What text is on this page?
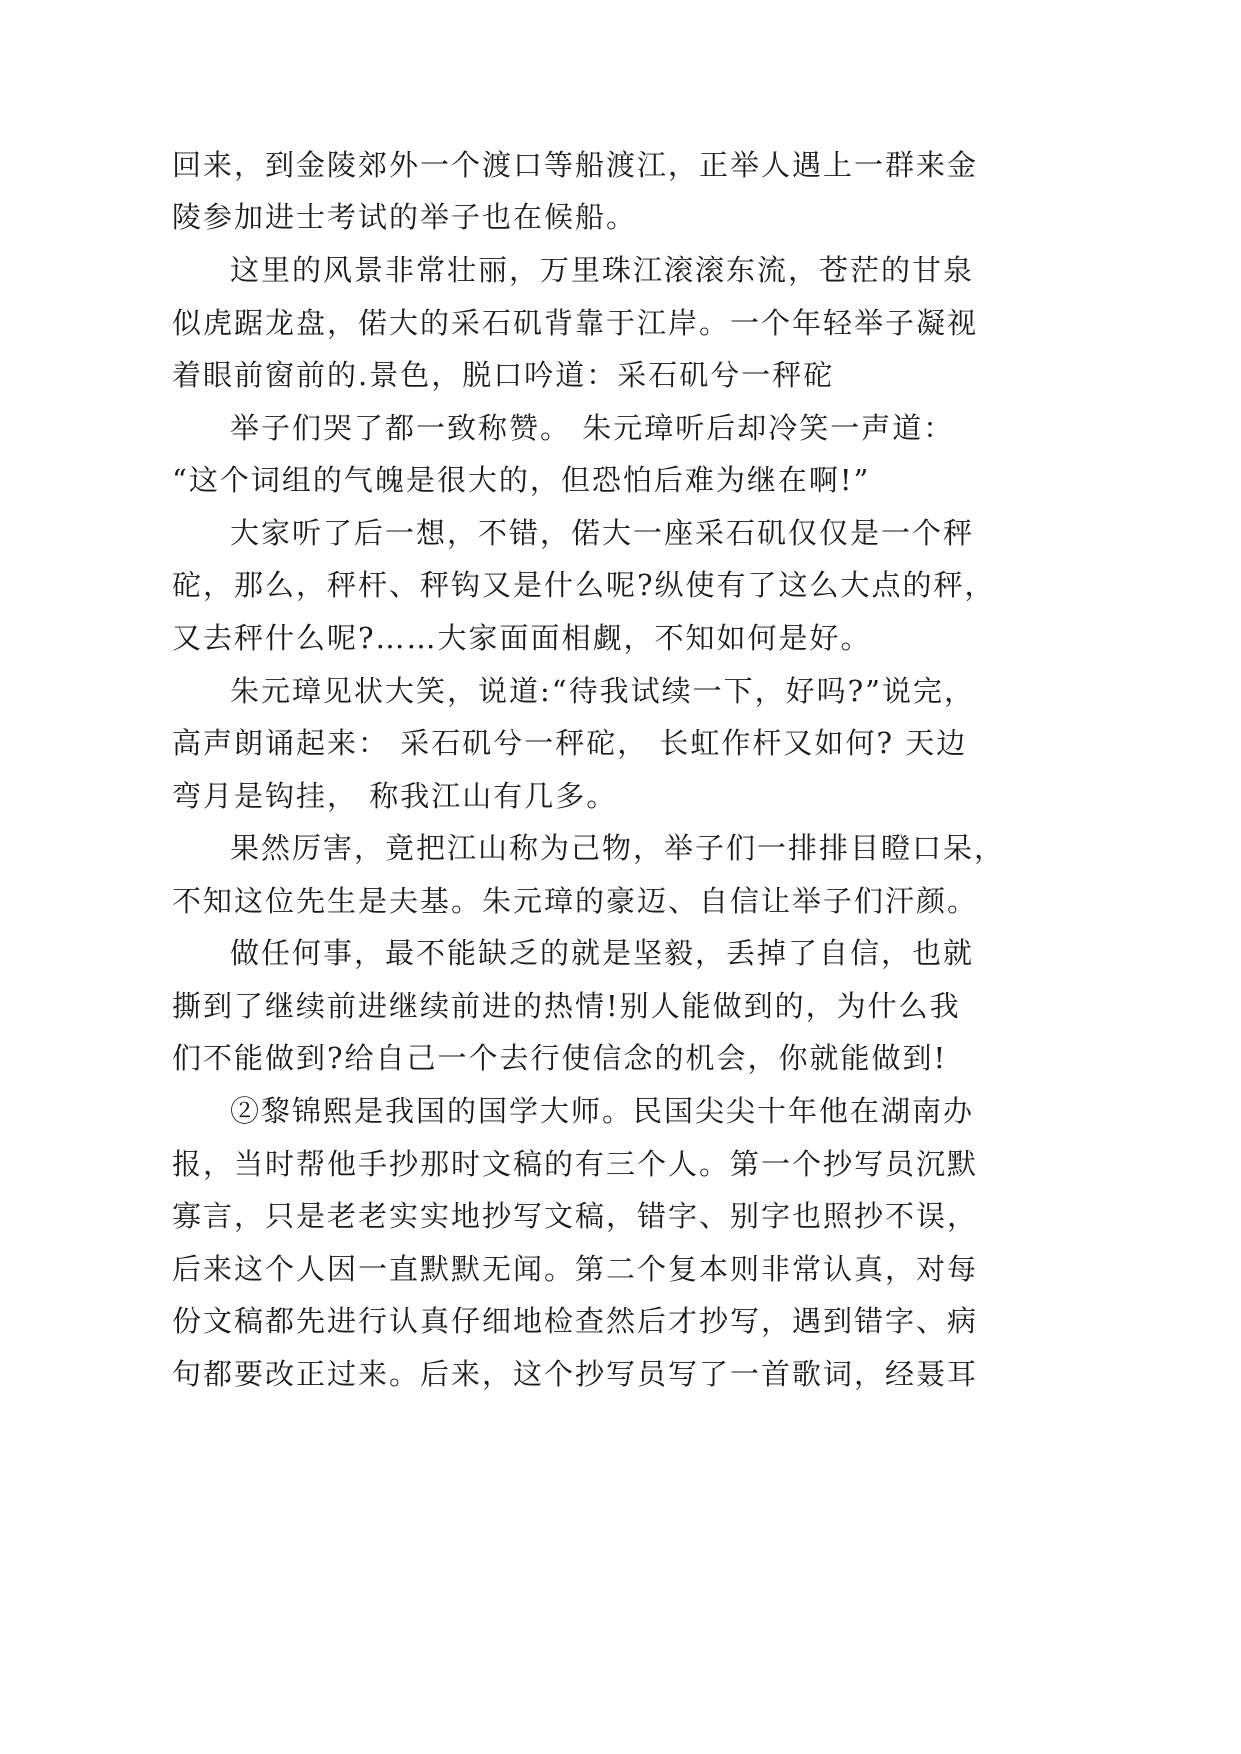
回来，到金陵郊外一个渡口等船渡江，正举人遇上一群来金
陵参加进士考试的举子也在候船。
这里的风景非常壮丽，万里珠江滚滚东流，苍茫的甘泉
似虎踞龙盘，偌大的采石矶背靠于江岸。一个年轻举子凝视
着眼前窗前的.景色，脱口吟道：采石矶兮一秤砣
举子们哭了都一致称赞。 朱元璋听后却冷笑一声道：
“这个词组的气魄是很大的，但恐怕后难为继在啊!”
大家听了后一想，不错，偌大一座采石矶仅仅是一个秤
砣，那么，秤杆、秤钩又是什么呢?纵使有了这么大点的秤，
又去秤什么呢?……大家面面相觑，不知如何是好。
朱元璋见状大笑，说道:“待我试续一下，好吗?”说完，
高声朗诵起来： 采石矶兮一秤砣， 长虹作杆又如何? 天边
弯月是钩挂， 称我江山有几多。
果然厉害，竟把江山称为己物，举子们一排排目瞪口呆，
不知这位先生是夫基。朱元璋的豪迈、自信让举子们汗颜。
做任何事，最不能缺乏的就是坚毅，丢掉了自信，也就
撕到了继续前进继续前进的热情!别人能做到的，为什么我
们不能做到?给自己一个去行使信念的机会，你就能做到!
②黎锦熙是我国的国学大师。民国尖尖十年他在湖南办
报，当时帮他手抄那时文稿的有三个人。第一个抄写员沉默
寡言，只是老老实实地抄写文稿，错字、别字也照抄不误，
后来这个人因一直默默无闻。第二个复本则非常认真，对每
份文稿都先进行认真仔细地检查然后才抄写，遇到错字、病
句都要改正过来。后来，这个抄写员写了一首歌词，经聂耳
